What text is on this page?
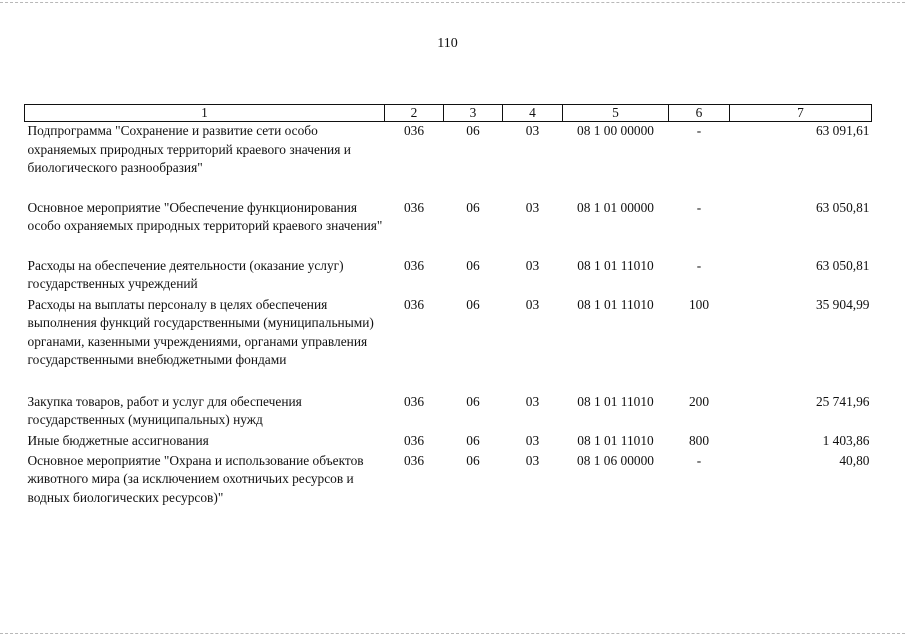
110
1	2	3	4	5	6	7
Подпрограмма "Сохранение и развитие сети особо охраняемых природных территорий краевого значения и биологического разнообразия"	036	06	03	08 1 00 00000	-	63 091,61
Основное мероприятие "Обеспечение функционирования особо охраняемых природных территорий краевого значения"	036	06	03	08 1 01 00000	-	63 050,81
Расходы на обеспечение деятельности (оказание услуг) государственных учреждений	036	06	03	08 1 01 11010	-	63 050,81
Расходы на выплаты персоналу в целях обеспечения выполнения функций государственными (муниципальными) органами, казенными учреждениями, органами управления государственными внебюджетными фондами	036	06	03	08 1 01 11010	100	35 904,99
Закупка товаров, работ и услуг для обеспечения государственных (муниципальных) нужд	036	06	03	08 1 01 11010	200	25 741,96
Иные бюджетные ассигнования	036	06	03	08 1 01 11010	800	1 403,86
Основное мероприятие "Охрана и использование объектов животного мира (за исключением охотничьих ресурсов и водных биологических ресурсов)"	036	06	03	08 1 06 00000	-	40,80
